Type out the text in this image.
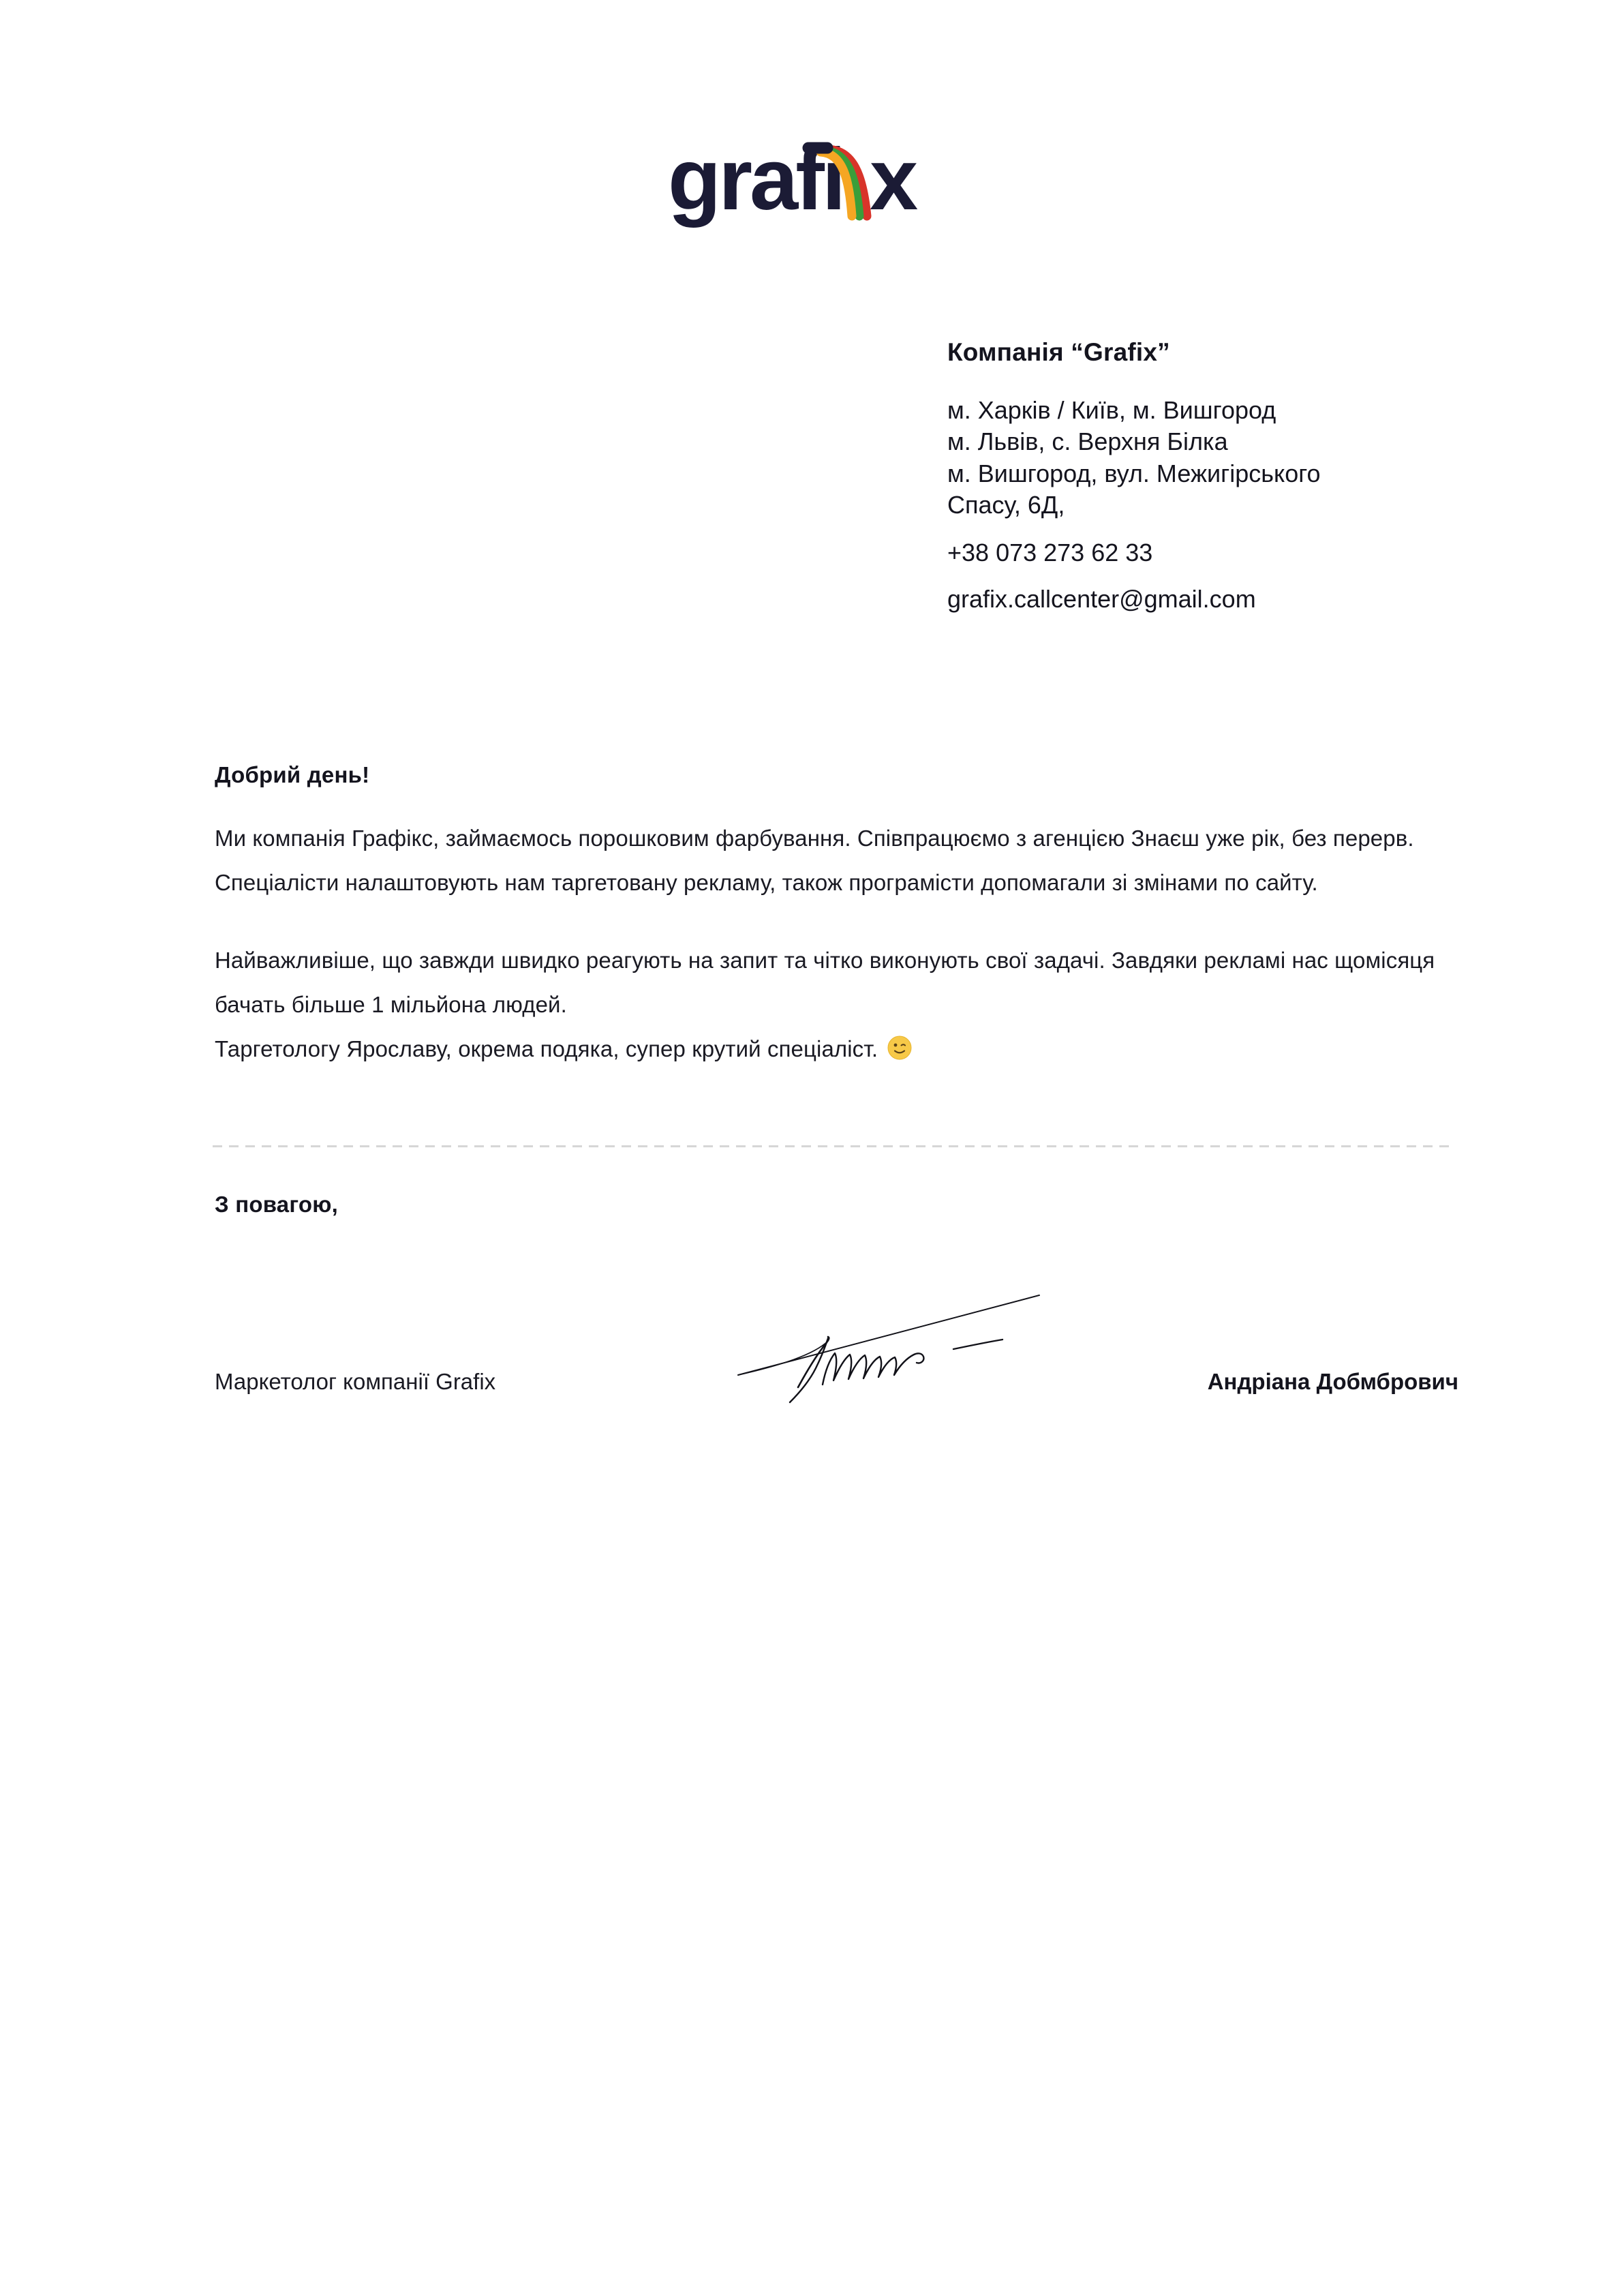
grafi x
Компанія “Grafix”
м. Харків / Київ, м. Вишгород
м. Львів, с. Верхня Білка
м. Вишгород, вул. Межигірського
Спасу, 6Д,
+38 073 273 62 33
grafix.callcenter@gmail.com

Добрий день!

Ми компанія Графікс, займаємось порошковим фарбування. Співпрацюємо з агенцією Знаєш уже рік, без перерв. Спеціалісти налаштовують нам таргетовану рекламу, також програмісти допомагали зі змінами по сайту.

Найважливіше, що завжди швидко реагують на запит та чітко виконують свої задачі. Завдяки рекламі нас щомісяця бачать більше 1 мільйона людей.

Таргетологу Ярославу, окрема подяка, супер крутий спеціаліст.

З повагою,
Маркетолог компанії Grafix	Андріана Добмбрович
